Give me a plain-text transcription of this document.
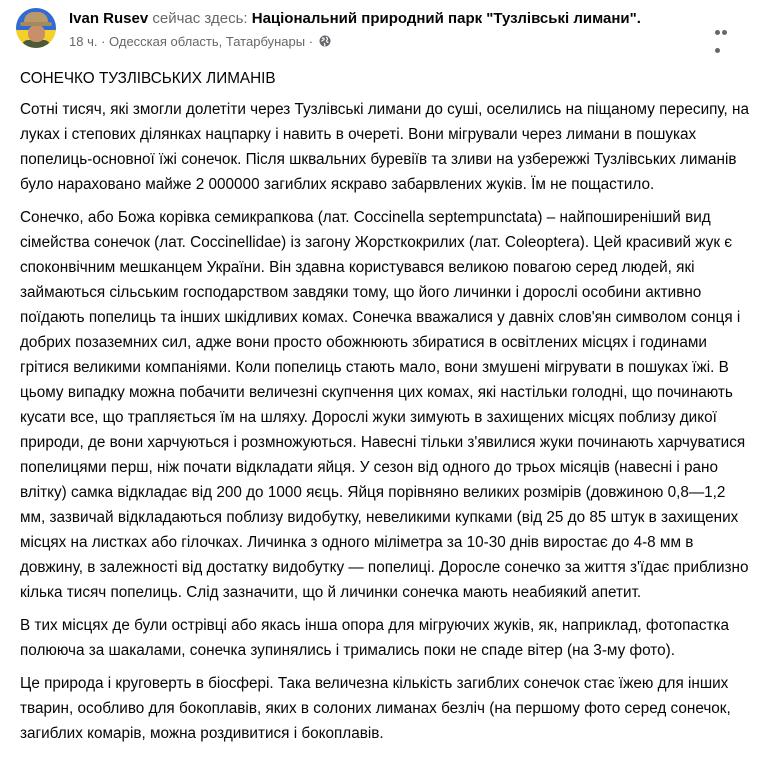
Ivan Rusev сейчас здесь: Національний природний парк "Тузлівські лимани".
18 ч. · Одесская область, Татарбунары ·

СОНЕЧКО ТУЗЛІВСЬКИХ ЛИМАНІВ

Сотні тисяч, які змогли долетіти через Тузлівські лимани до суші, оселились на піщаному пересипу, на луках і степових ділянках нацпарку і навить в очереті. Вони мігрували через лимани в пошуках попелиць-основної їжі сонечок. Після шквальних буревіїв та зливи на узбережжі Тузлівських лиманів було нараховано майже 2 000000 загиблих яскраво забарвлених жуків. Їм не пощастило.

Сонечко, або Божа корівка семикрапкова (лат. Coccinella septempunctata) – найпоширеніший вид сімейства сонечок (лат. Coccinellidae) із загону Жорсткокрилих (лат. Coleoptera). Цей красивий жук є споконвічним мешканцем України. Він здавна користувався великою повагою серед людей, які займаються сільським господарством завдяки тому, що його личинки і дорослі особини активно поїдають попелиць та інших шкідливих комах. Сонечка вважалися у давніх слов'ян символом сонця і добрих позаземних сил, адже вони просто обожнюють збиратися в освітлених місцях і годинами грітися великими компаніями. Коли попелиць стають мало, вони змушені мігрувати в пошуках їжі. В цьому випадку можна побачити величезні скупчення цих комах, які настільки голодні, що починають кусати все, що трапляється їм на шляху. Дорослі жуки зимують в захищених місцях поблизу дикої природи, де вони харчуються і розмножуються. Навесні тільки з'явилися жуки починають харчуватися попелицями перш, ніж почати відкладати яйця. У сезон від одного до трьох місяців (навесні і рано влітку) самка відкладає від 200 до 1000 яєць. Яйця порівняно великих розмірів (довжиною 0,8—1,2 мм, зазвичай відкладаються поблизу видобутку, невеликими купками (від 25 до 85 штук в захищених місцях на листках або гілочках. Личинка з одного міліметра за 10-30 днів виростає до 4-8 мм в довжину, в залежності від достатку видобутку — попелиці. Доросле сонечко за життя з'їдає приблизно кілька тисяч попелиць. Слід зазначити, що й личинки сонечка мають неабиякий апетит.

В тих місцях де були острівці або якась інша опора для мігруючих жуків, як, наприклад, фотопастка полююча за шакалами, сонечка зупинялись і тримались поки не спаде вітер (на 3-му фото).

Це природа і круговерть в біосфері. Така величезна кількість загиблих сонечок стає їжею для інших тварин, особливо для бокоплавів, яких в солоних лиманах безліч (на першому фото серед сонечок, загиблих комарів, можна роздивитися і бокоплавів.
